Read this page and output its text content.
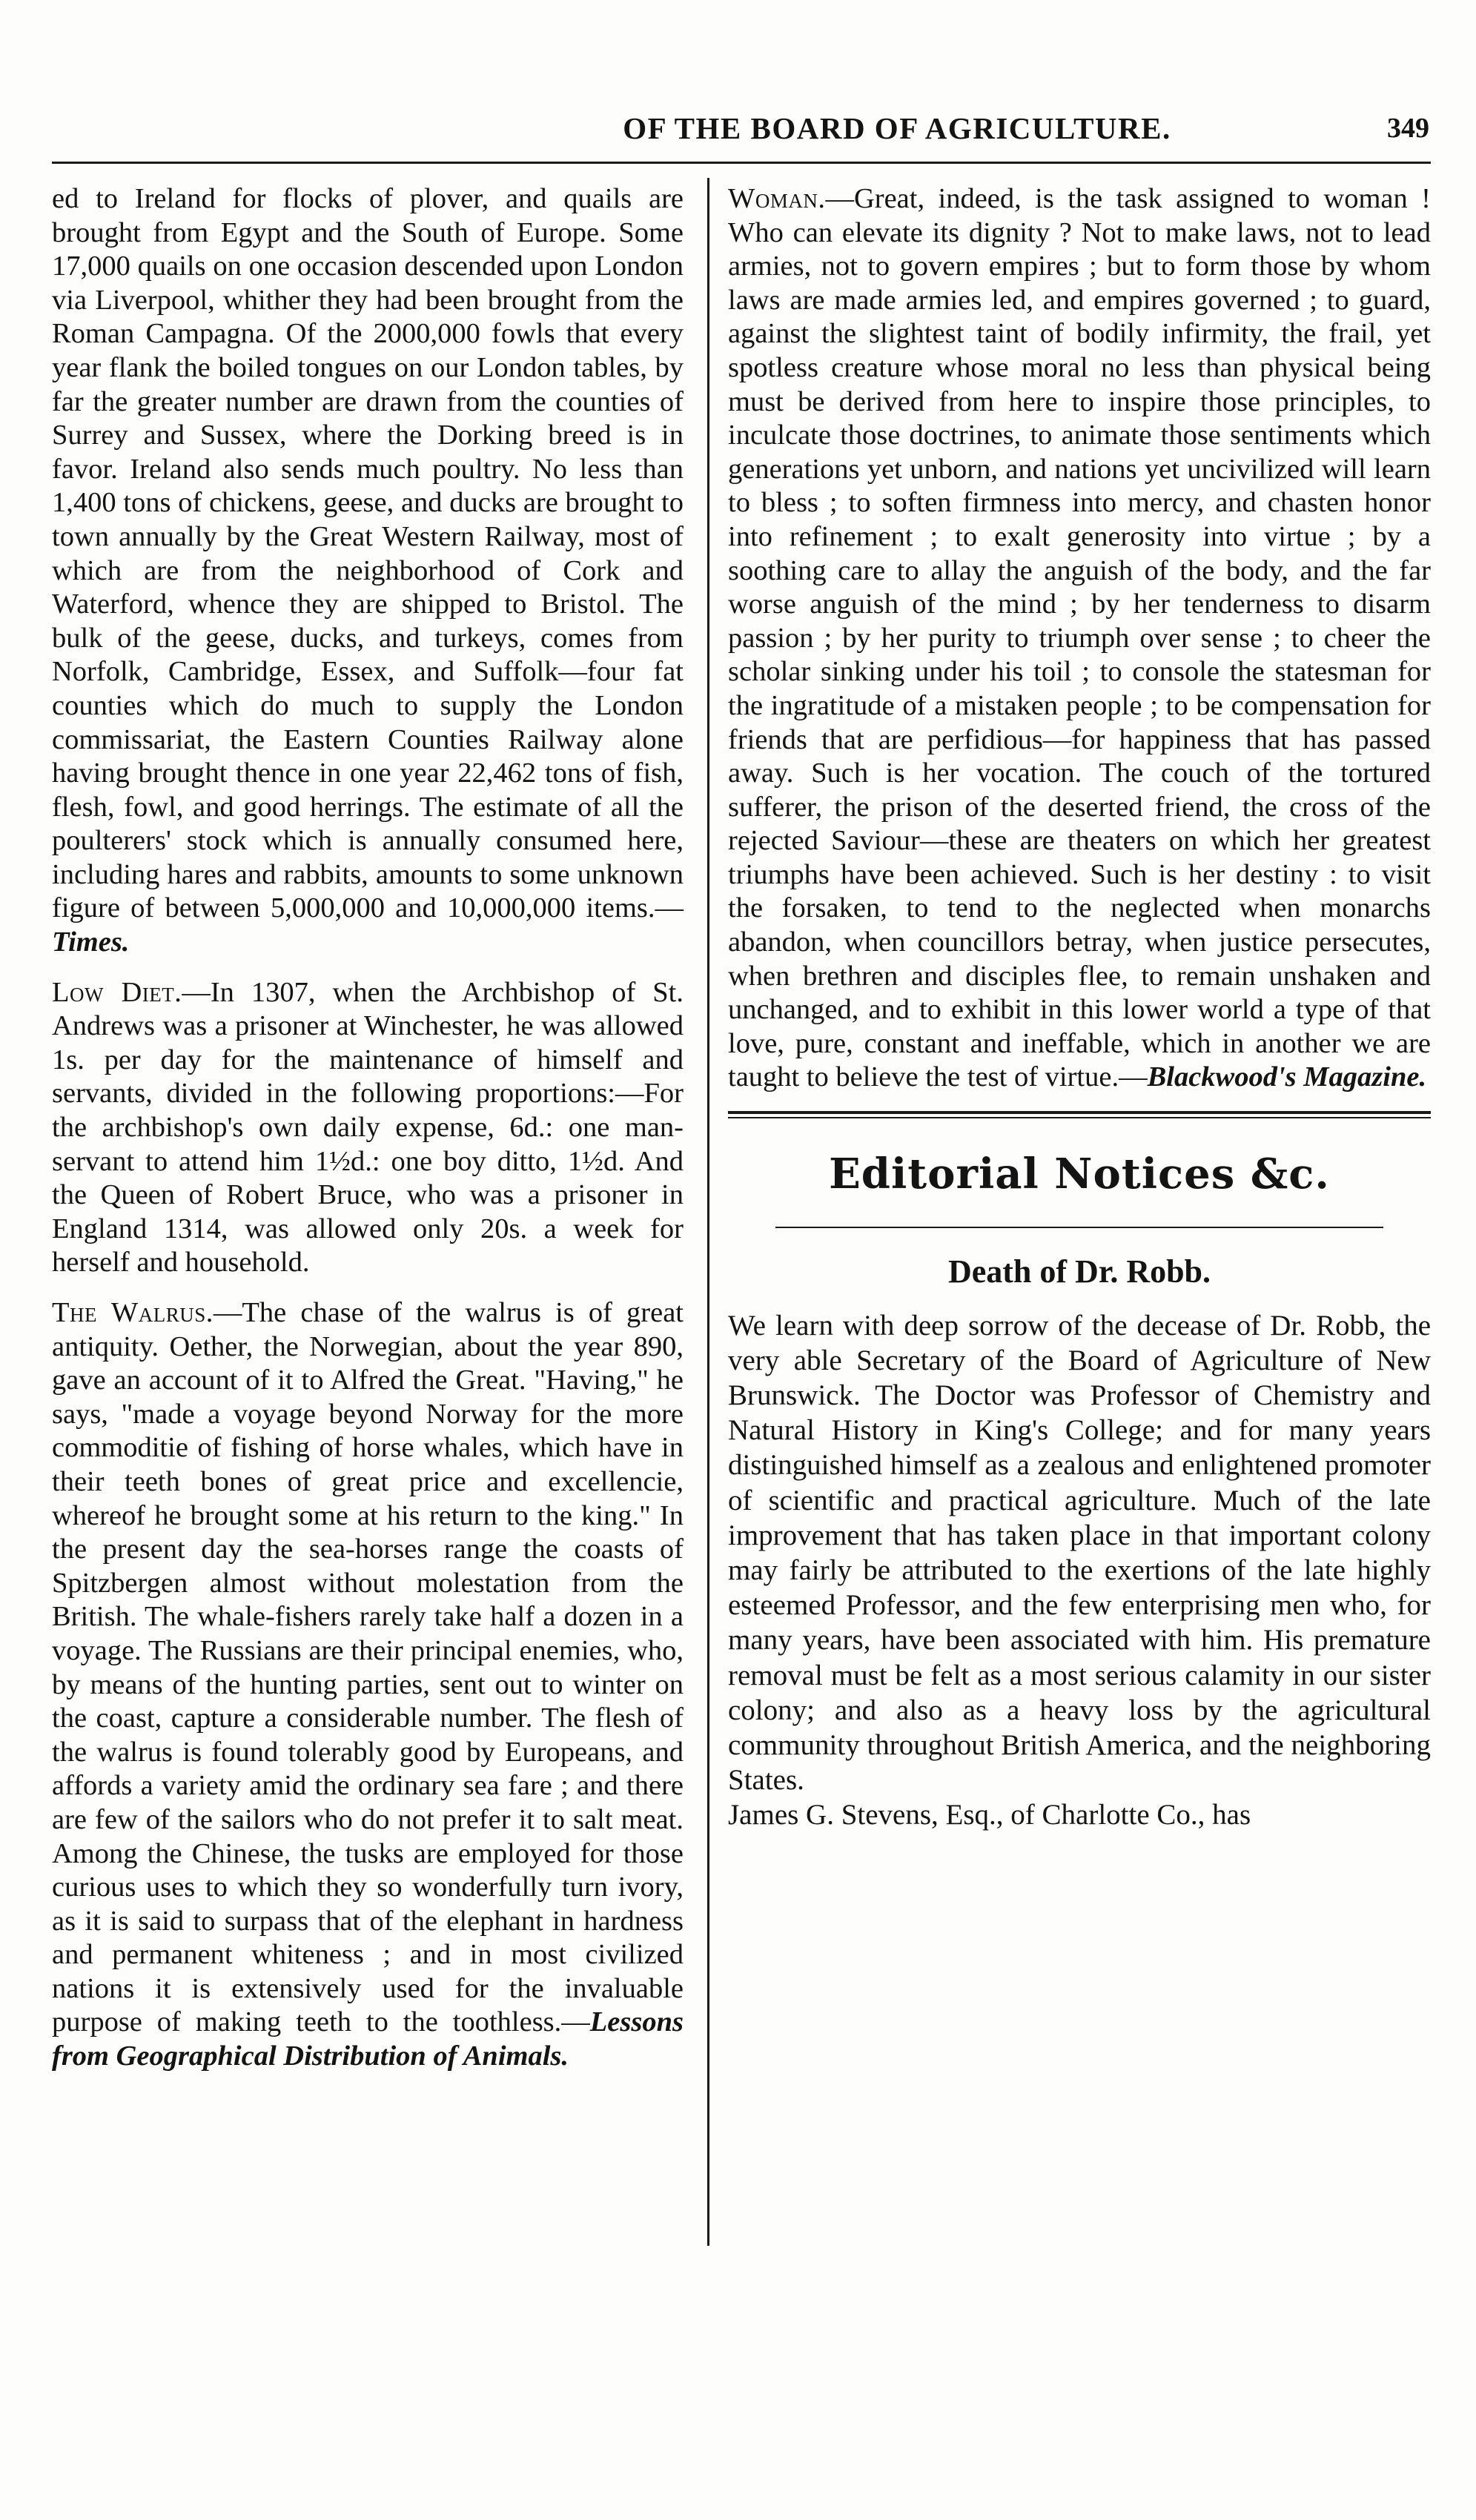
OF THE BOARD OF AGRICULTURE.	349

ed to Ireland for flocks of plover, and quails are brought from Egypt and the South of Europe. Some 17,000 quails on one occasion descended upon London via Liverpool, whither they had been brought from the Roman Campagna. Of the 2000,000 fowls that every year flank the boiled tongues on our London tables, by far the greater number are drawn from the counties of Surrey and Sussex, where the Dorking breed is in favor. Ireland also sends much poultry. No less than 1,400 tons of chickens, geese, and ducks are brought to town annually by the Great Western Railway, most of which are from the neighborhood of Cork and Waterford, whence they are shipped to Bristol. The bulk of the geese, ducks, and turkeys, comes from Norfolk, Cambridge, Essex, and Suffolk—four fat counties which do much to supply the London commissariat, the Eastern Counties Railway alone having brought thence in one year 22,462 tons of fish, flesh, fowl, and good herrings. The estimate of all the poulterers' stock which is annually consumed here, including hares and rabbits, amounts to some unknown figure of between 5,000,000 and 10,000,000 items.—Times.

Low Diet.—In 1307, when the Archbishop of St. Andrews was a prisoner at Winchester, he was allowed 1s. per day for the maintenance of himself and servants, divided in the following proportions:—For the archbishop's own daily expense, 6d.: one man-servant to attend him 1½d.: one boy ditto, 1½d. And the Queen of Robert Bruce, who was a prisoner in England 1314, was allowed only 20s. a week for herself and household.

The Walrus.—The chase of the walrus is of great antiquity. Oether, the Norwegian, about the year 890, gave an account of it to Alfred the Great. "Having," he says, "made a voyage beyond Norway for the more commoditie of fishing of horse whales, which have in their teeth bones of great price and excellencie, whereof he brought some at his return to the king." In the present day the sea-horses range the coasts of Spitzbergen almost without molestation from the British. The whale-fishers rarely take half a dozen in a voyage. The Russians are their principal enemies, who, by means of the hunting parties, sent out to winter on the coast, capture a considerable number. The flesh of the walrus is found tolerably good by Europeans, and affords a variety amid the ordinary sea fare ; and there are few of the sailors who do not prefer it to salt meat. Among the Chinese, the tusks are employed for those curious uses to which they so wonderfully turn ivory, as it is said to surpass that of the elephant in hardness and permanent whiteness ; and in most civilized nations it is extensively used for the invaluable purpose of making teeth to the toothless.—Lessons from Geographical Distribution of Animals.

Woman.—Great, indeed, is the task assigned to woman ! Who can elevate its dignity ? Not to make laws, not to lead armies, not to govern empires ; but to form those by whom laws are made armies led, and empires governed ; to guard, against the slightest taint of bodily infirmity, the frail, yet spotless creature whose moral no less than physical being must be derived from here to inspire those principles, to inculcate those doctrines, to animate those sentiments which generations yet unborn, and nations yet uncivilized will learn to bless ; to soften firmness into mercy, and chasten honor into refinement ; to exalt generosity into virtue ; by a soothing care to allay the anguish of the body, and the far worse anguish of the mind ; by her tenderness to disarm passion ; by her purity to triumph over sense ; to cheer the scholar sinking under his toil ; to console the statesman for the ingratitude of a mistaken people ; to be compensation for friends that are perfidious—for happiness that has passed away. Such is her vocation. The couch of the tortured sufferer, the prison of the deserted friend, the cross of the rejected Saviour—these are theaters on which her greatest triumphs have been achieved. Such is her destiny : to visit the forsaken, to tend to the neglected when monarchs abandon, when councillors betray, when justice persecutes, when brethren and disciples flee, to remain unshaken and unchanged, and to exhibit in this lower world a type of that love, pure, constant and ineffable, which in another we are taught to believe the test of virtue.—Blackwood's Magazine.

Editorial Notices &c.
Death of Dr. Robb.

We learn with deep sorrow of the decease of Dr. Robb, the very able Secretary of the Board of Agriculture of New Brunswick. The Doctor was Professor of Chemistry and Natural History in King's College; and for many years distinguished himself as a zealous and enlightened promoter of scientific and practical agriculture. Much of the late improvement that has taken place in that important colony may fairly be attributed to the exertions of the late highly esteemed Professor, and the few enterprising men who, for many years, have been associated with him. His premature removal must be felt as a most serious calamity in our sister colony; and also as a heavy loss by the agricultural community throughout British America, and the neighboring States.

James G. Stevens, Esq., of Charlotte Co., has
